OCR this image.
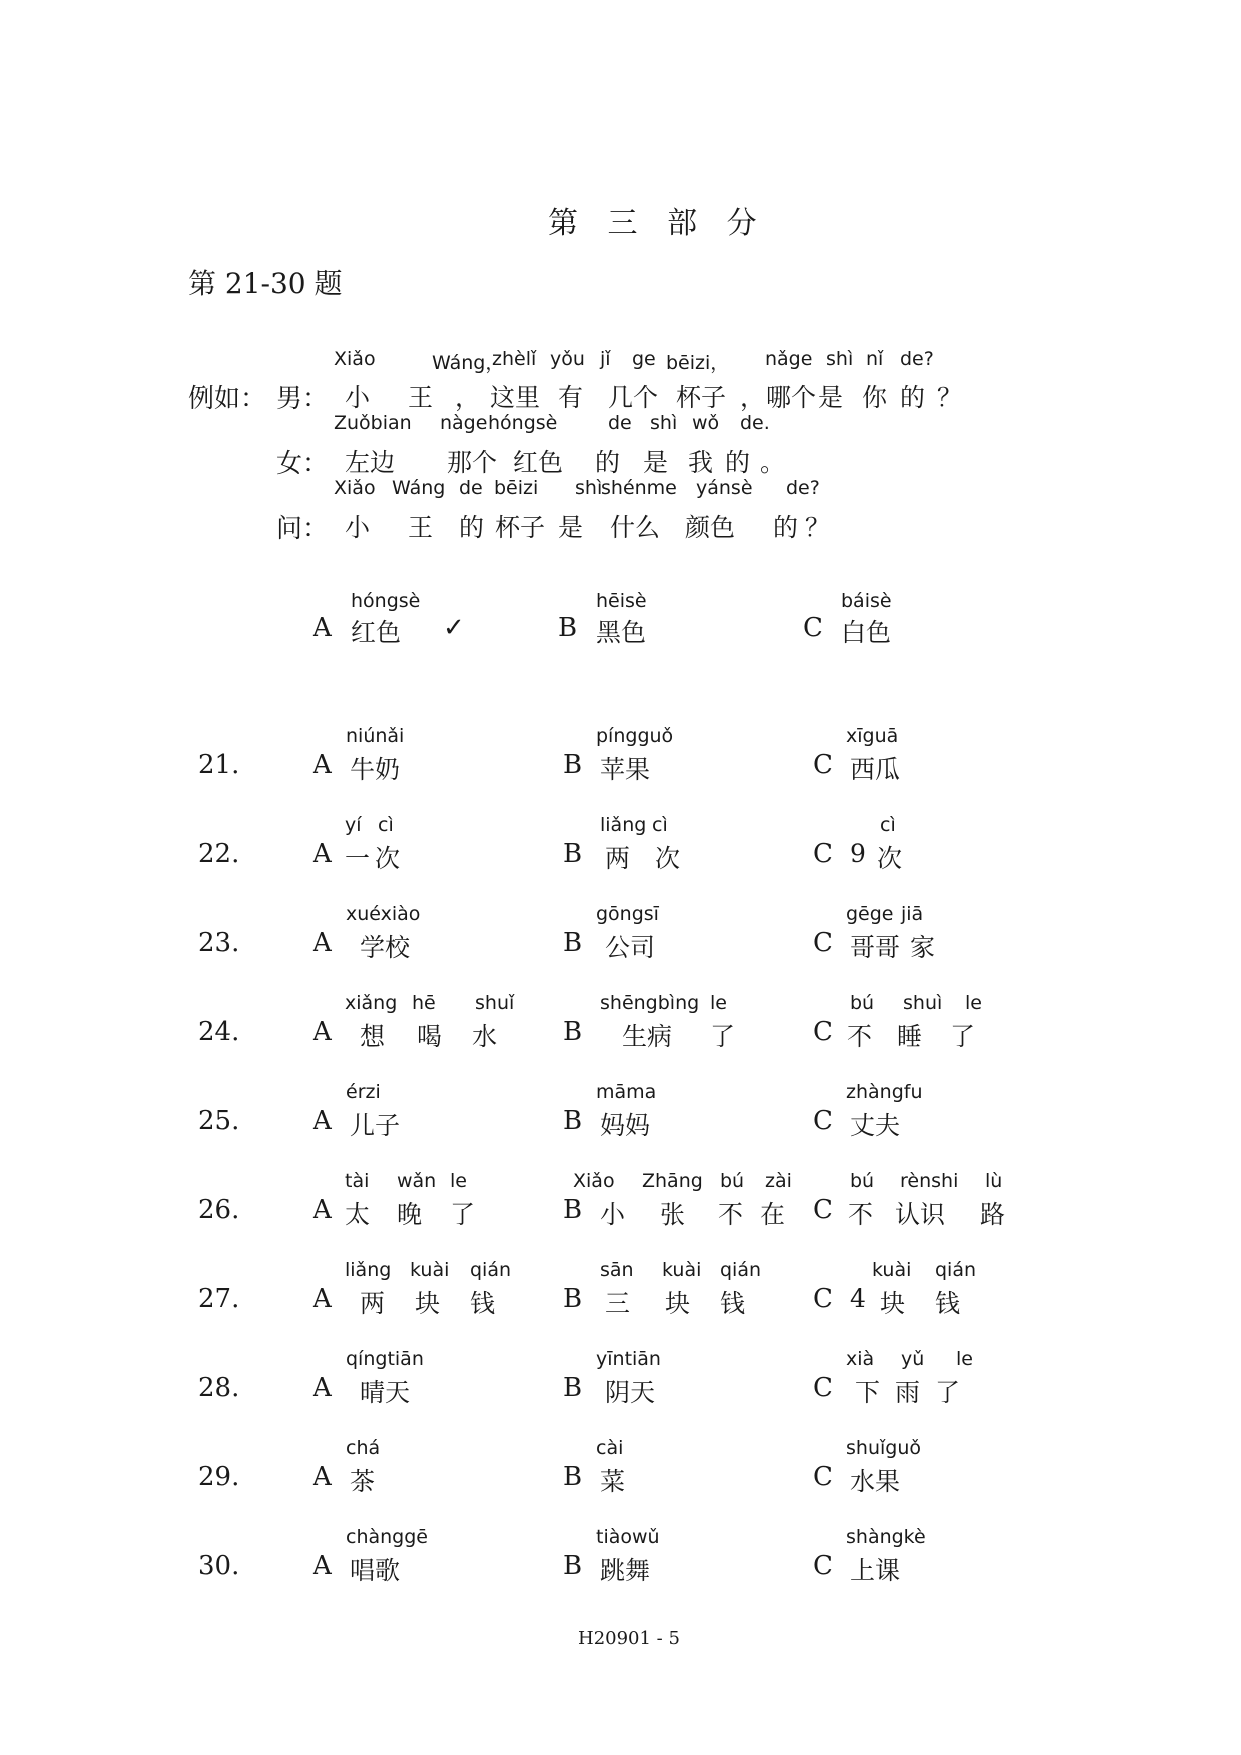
第 三 部 分
第 21-30 题
例如： 男：
Xiǎo	Wáng，
zhèlǐ yǒu jǐ ge bēizi， nǎge shì nǐ de?
小 王 ， 这里 有 几个 杯子 ， 哪个 是 你 的 ？
女：
Zuǒbian nàge hóngsè	de shì wǒ de.
左边 那个 红色 的 是 我 的 。
问：
Xiǎo Wáng de bēizi shì
shénme yánsè de?
小 王 的 杯子 是 什么 颜色 的 ？
A
hóngsè
红色 ✓	B
hēisè
黑色	C
báisè
白色
21.	A
niúnǎi
牛奶	B
píngguǒ
苹果	C
xīguā
西瓜
22.	A
yí cì
一 次	B
liǎng cì
两 次	C
cì
9 次
23.	A
xuéxiào
学校	B
gōngsī
公司	C
gēge jiā
哥哥 家
24.	A
xiǎng hē shuǐ
想 喝 水	B
shēngbìng le
生病 了	C
bú shuì le
不 睡 了
25.	A
érzi
儿子	B
māma
妈妈	C
zhàngfu
丈夫
26.	A
tài wǎn le
太 晚 了	B
Xiǎo Zhāng bú zài
小 张 不 在 C
bú rènshi lù
不 认识 路
27.	A
liǎng kuài qián
两 块 钱	B
sān kuài qián
三 块 钱	C
kuài qián
4 块 钱
28.	A
qíngtiān
晴天	B
yīntiān
阴天	C
xià yǔ le
下 雨 了
29.	A
chá
茶	B
cài
菜	C
shuǐguǒ
水果
30.	A
chànggē
唱歌	B
tiàowǔ
跳舞	C
shàngkè
上课
H20901 - 5
